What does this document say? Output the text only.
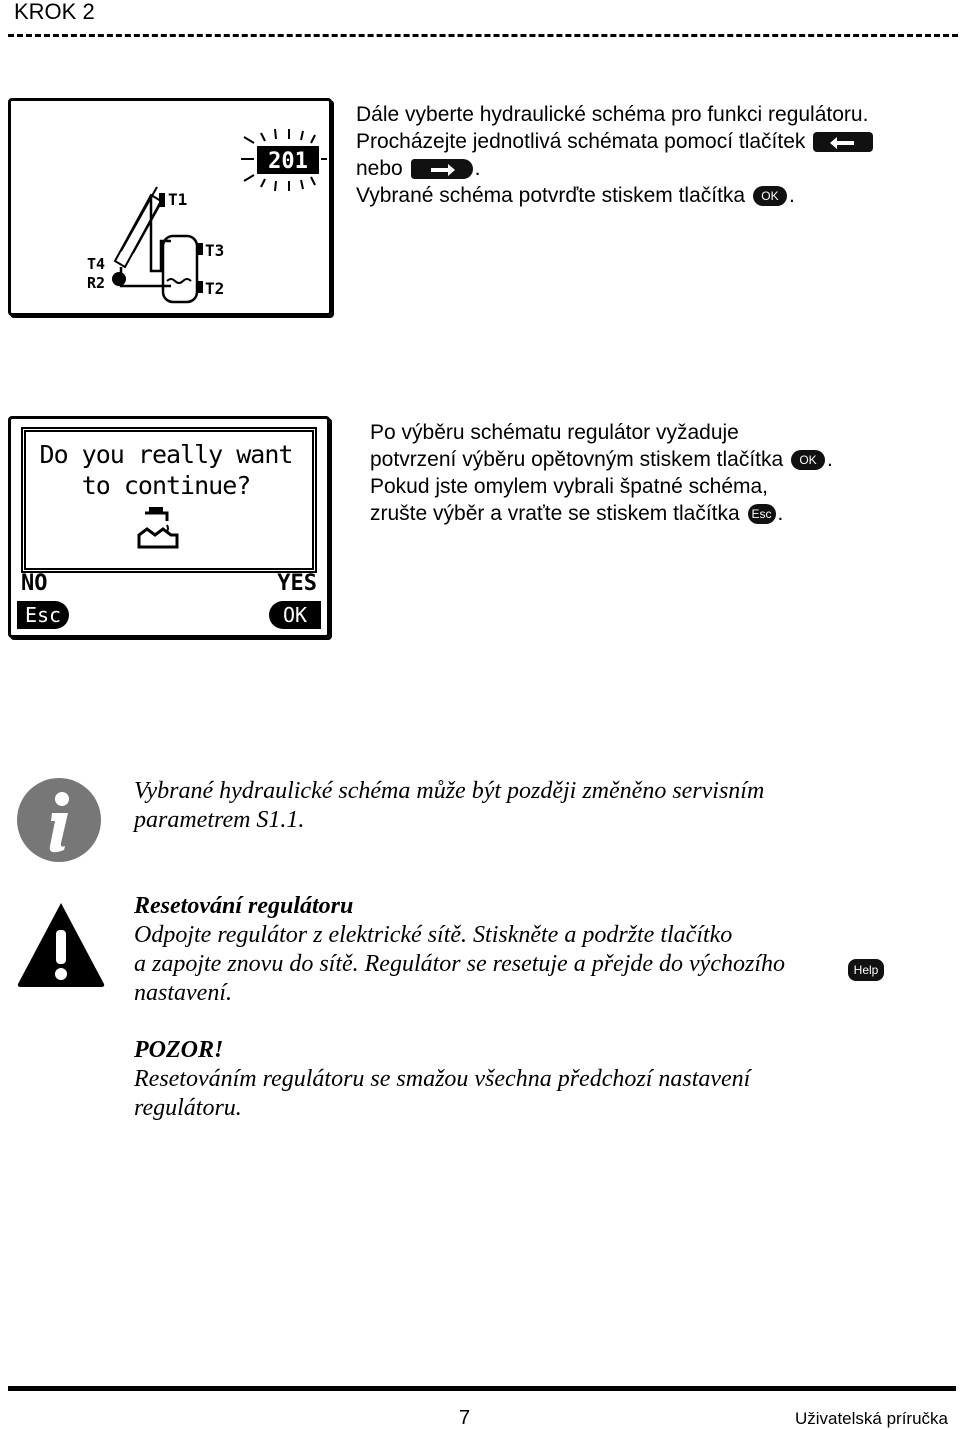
KROK 2
201
T1
T3
T2
T4
R2
Dále vyberte hydraulické schéma pro funkci regulátoru.
Procházejte jednotlivá schémata pomocí tlačítek
nebo	.
Vybrané schéma potvrďte stiskem tlačítka OK .
Do you really want
to continue?
NO	YES
Esc	OK
Po výběru schématu regulátor vyžaduje
potvrzení výběru opětovným stiskem tlačítka OK .
Pokud jste omylem vybrali špatné schéma,
zrušte výběr a vraťte se stiskem tlačítka Esc .
Vybrané hydraulické schéma může být později změněno servisním
parametrem S1.1.
Resetování regulátoru
Odpojte regulátor z elektrické sítě. Stiskněte a podržte tlačítko
a zapojte znovu do sítě. Regulátor se resetuje a přejde do výchozího
nastavení.
Help
POZOR!
Resetováním regulátoru se smažou všechna předchozí nastavení
regulátoru.
7	Uživatelská príručka
